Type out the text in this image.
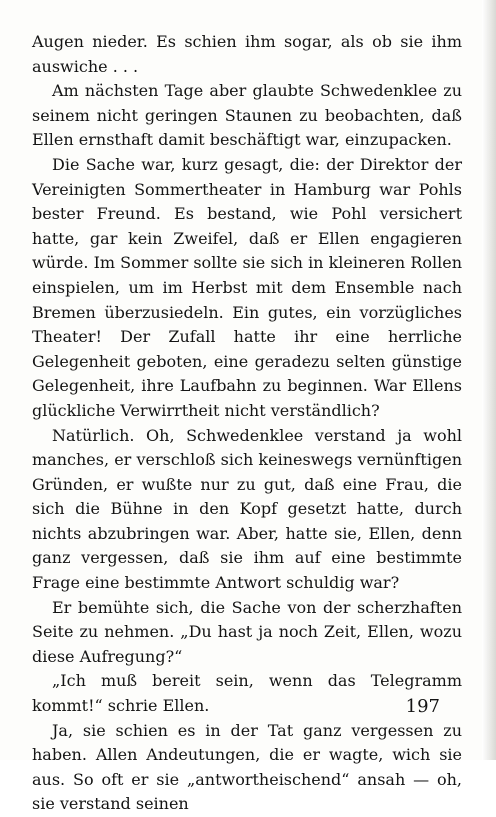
Augen nieder. Es schien ihm sogar, als ob sie ihm auswiche . . .

Am nächsten Tage aber glaubte Schwedenklee zu seinem nicht geringen Staunen zu beobachten, daß Ellen ernsthaft damit beschäftigt war, einzupacken.

Die Sache war, kurz gesagt, die: der Direktor der Vereinigten Sommertheater in Hamburg war Pohls bester Freund. Es bestand, wie Pohl versichert hatte, gar kein Zweifel, daß er Ellen engagieren würde. Im Sommer sollte sie sich in kleineren Rollen einspielen, um im Herbst mit dem Ensemble nach Bremen überzusiedeln. Ein gutes, ein vorzügliches Theater! Der Zufall hatte ihr eine herrliche Gelegenheit geboten, eine geradezu selten günstige Gelegenheit, ihre Laufbahn zu beginnen. War Ellens glückliche Verwirrtheit nicht verständlich?

Natürlich. Oh, Schwedenklee verstand ja wohl manches, er verschloß sich keineswegs vernünftigen Gründen, er wußte nur zu gut, daß eine Frau, die sich die Bühne in den Kopf gesetzt hatte, durch nichts abzubringen war. Aber, hatte sie, Ellen, denn ganz vergessen, daß sie ihm auf eine bestimmte Frage eine bestimmte Antwort schuldig war?

Er bemühte sich, die Sache von der scherzhaften Seite zu nehmen. „Du hast ja noch Zeit, Ellen, wozu diese Aufregung?“

„Ich muß bereit sein, wenn das Telegramm kommt!“ schrie Ellen.

Ja, sie schien es in der Tat ganz vergessen zu haben. Allen Andeutungen, die er wagte, wich sie aus. So oft er sie „antwortheischend“ ansah — oh, sie verstand seinen

197
